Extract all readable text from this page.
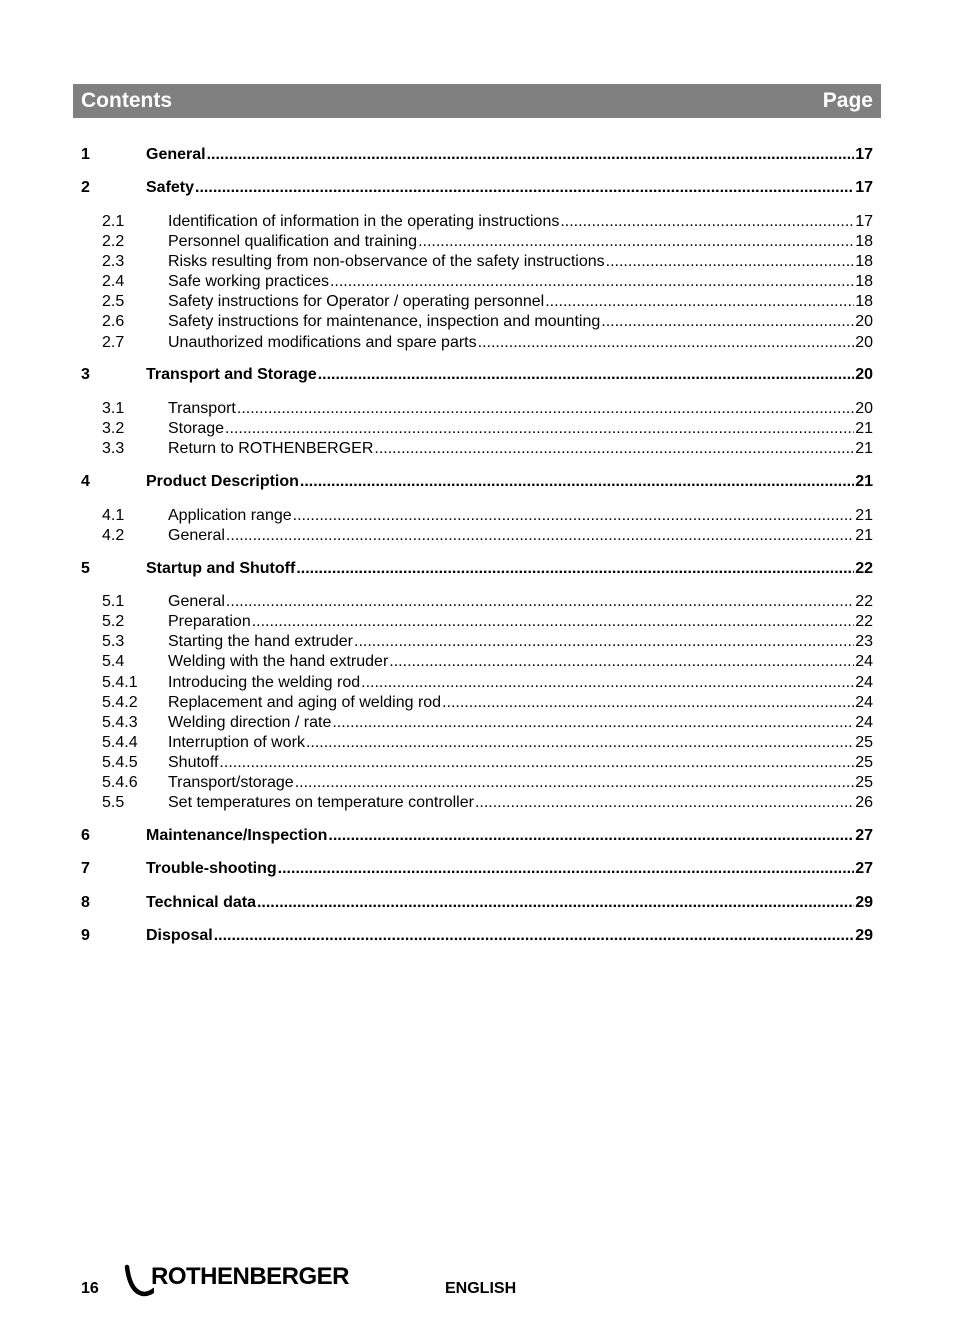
Contents	Page
1	General .....	17
2	Safety .....	17
2.1	Identification of information in the operating instructions .....	17
2.2	Personnel qualification and training .....	18
2.3	Risks resulting from non-observance of the safety instructions .....	18
2.4	Safe working practices .....	18
2.5	Safety instructions for Operator / operating personnel .....	18
2.6	Safety instructions for maintenance, inspection and mounting .....	20
2.7	Unauthorized modifications and spare parts .....	20
3	Transport and Storage .....	20
3.1	Transport .....	20
3.2	Storage .....	21
3.3	Return to ROTHENBERGER .....	21
4	Product Description .....	21
4.1	Application range .....	21
4.2	General .....	21
5	Startup and Shutoff .....	22
5.1	General .....	22
5.2	Preparation .....	22
5.3	Starting the hand extruder .....	23
5.4	Welding with the hand extruder .....	24
5.4.1	Introducing the welding rod .....	24
5.4.2	Replacement and aging of welding rod .....	24
5.4.3	Welding direction / rate .....	24
5.4.4	Interruption of work .....	25
5.4.5	Shutoff .....	25
5.4.6	Transport/storage .....	25
5.5	Set temperatures on temperature controller .....	26
6	Maintenance/Inspection .....	27
7	Trouble-shooting .....	27
8	Technical data .....	29
9	Disposal .....	29
16 ROTHENBERGER	ENGLISH
